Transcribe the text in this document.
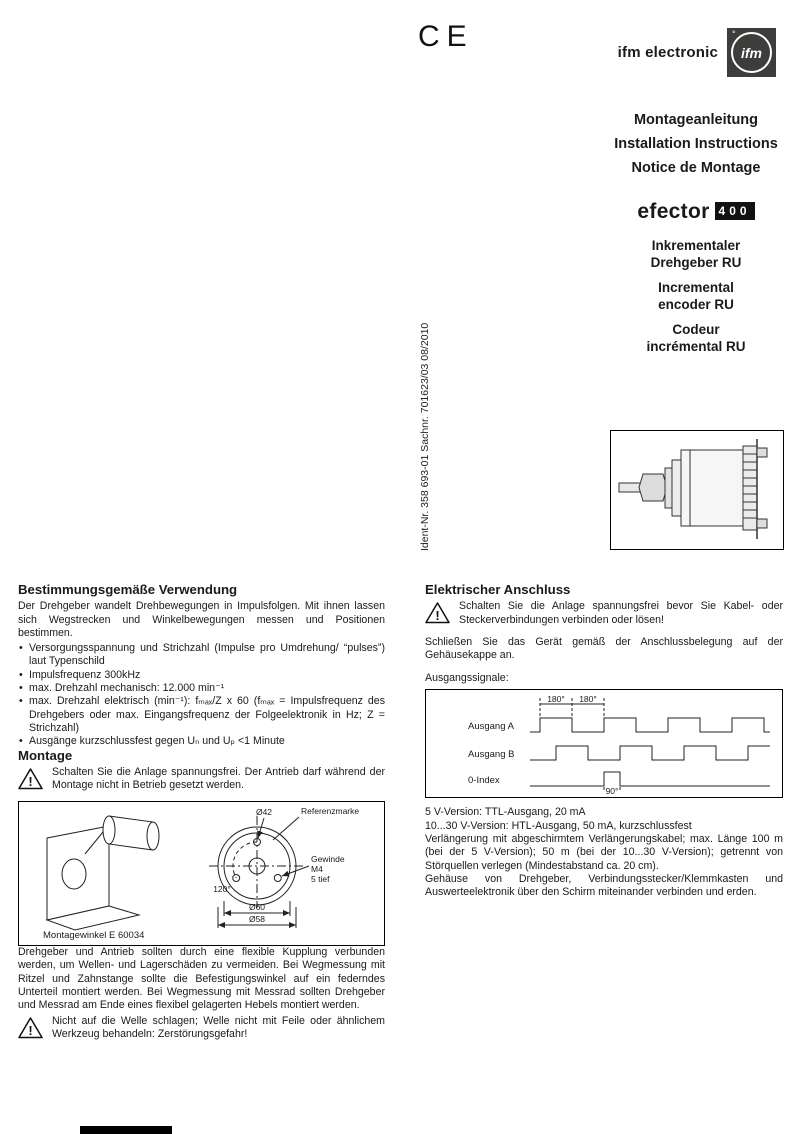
CE	ifm electronic
°
ifm
Montageanleitung
Installation Instructions
Notice de Montage
efector 400
Inkrementaler
Drehgeber RU
Incremental
encoder RU
Codeur
incrémental RU
Ident-Nr. 358 693-01 Sachnr. 701623/03 08/2010
Bestimmungsgemäße Verwendung

Der Drehgeber wandelt Drehbewegungen in Impulsfolgen. Mit ihnen lassen sich Wegstrecken und Winkelbewegungen messen und Positionen bestimmen.

• Versorgungsspannung und Strichzahl (Impulse pro Umdrehung/ “pulses”) laut Typenschild
• Impulsfrequenz 300kHz
• max. Drehzahl mechanisch: 12.000 min⁻¹
• max. Drehzahl elektrisch (min⁻¹): fₘₐₓ/Z x 60 (fₘₐₓ = Impulsfrequenz des Drehgebers oder max. Eingangsfrequenz der Folgeelektronik in Hz; Z = Strichzahl)
• Ausgänge kurzschlussfest gegen Uₙ und Uₚ <1 Minute
Montage
!

Schalten Sie die Anlage spannungsfrei. Der Antrieb darf während der Montage nicht in Betrieb gesetzt werden.

Ø42	Referenzmarke
Gewinde
M4
5 tief
120°
Ø60
Ø58
Montagewinkel E 60034

Drehgeber und Antrieb sollten durch eine flexible Kupplung verbunden werden, um Wellen- und Lagerschäden zu vermeiden. Bei Wegmessung mit Ritzel und Zahnstange sollte die Befestigungswinkel auf ein federndes Unterteil montiert werden. Bei Wegmessung mit Messrad sollten Drehgeber und Messrad am Ende eines flexibel gelagerten Hebels montiert werden.

!

Nicht auf die Welle schlagen; Welle nicht mit Feile oder ähnlichem Werkzeug behandeln: Zerstörungsgefahr!

Elektrischer Anschluss
!

Schalten Sie die Anlage spannungsfrei bevor Sie Kabel- oder Steckerverbindungen verbinden oder lösen!

Schließen Sie das Gerät gemäß der Anschlussbelegung auf der Gehäusekappe an.

Ausgangssignale:

Ausgang A
Ausgang B
0-Index
180° 180°
90°

5 V-Version: TTL-Ausgang, 20 mA

10...30 V-Version: HTL-Ausgang, 50 mA, kurzschlussfest

Verlängerung mit abgeschirmtem Verlängerungskabel; max. Länge 100 m (bei der 5 V-Version); 50 m (bei der 10...30 V-Version); getrennt von Störquellen verlegen (Mindestabstand ca. 20 cm).

Gehäuse von Drehgeber, Verbindungsstecker/Klemmkasten und Auswerteelektronik über den Schirm miteinander verbinden und erden.
